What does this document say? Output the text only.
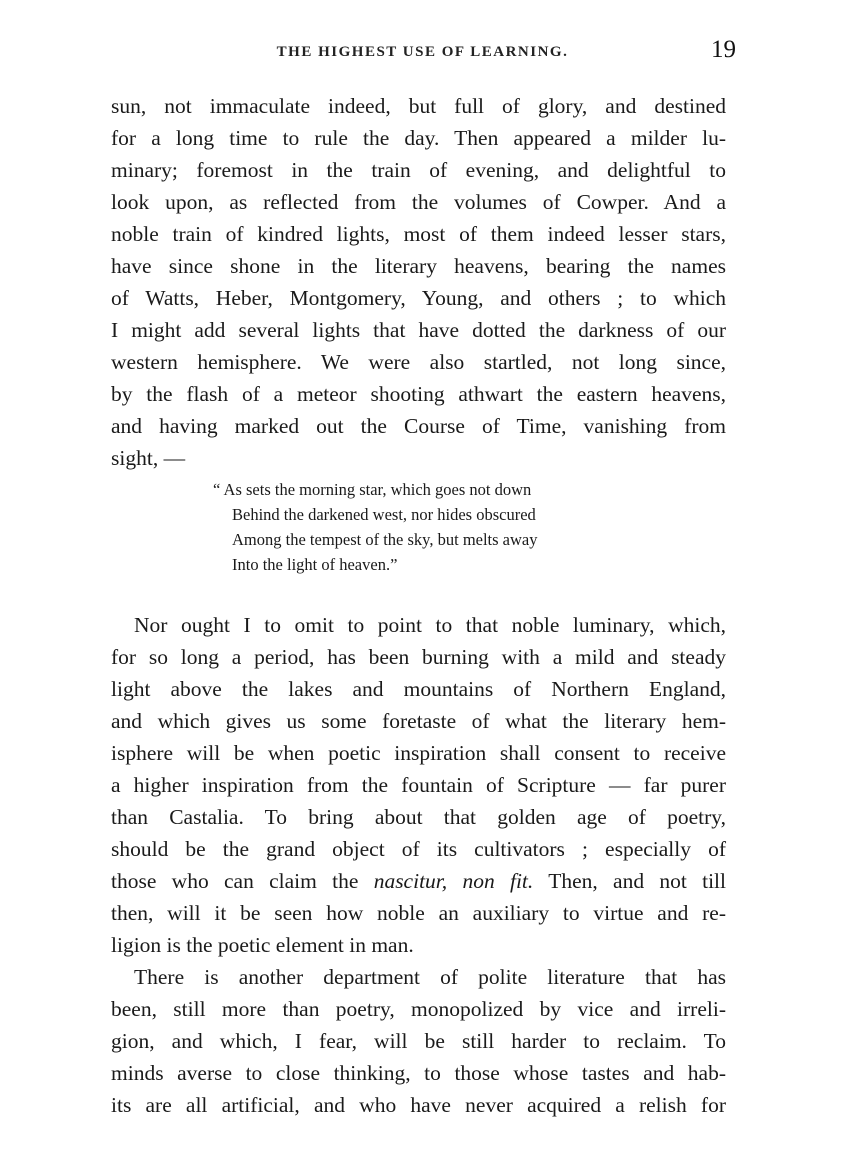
THE HIGHEST USE OF LEARNING.	19
sun, not immaculate indeed, but full of glory, and destined
for a long time to rule the day. Then appeared a milder lu-
minary; foremost in the train of evening, and delightful to
look upon, as reflected from the volumes of Cowper. And a
noble train of kindred lights, most of them indeed lesser stars,
have since shone in the literary heavens, bearing the names
of Watts, Heber, Montgomery, Young, and others ; to which
I might add several lights that have dotted the darkness of our
western hemisphere. We were also startled, not long since,
by the flash of a meteor shooting athwart the eastern heavens,
and having marked out the Course of Time, vanishing from
sight, —
“ As sets the morning star, which goes not down
Behind the darkened west, nor hides obscured
Among the tempest of the sky, but melts away
Into the light of heaven.”
Nor ought I to omit to point to that noble luminary, which,
for so long a period, has been burning with a mild and steady
light above the lakes and mountains of Northern England,
and which gives us some foretaste of what the literary hem-
isphere will be when poetic inspiration shall consent to receive
a higher inspiration from the fountain of Scripture — far purer
than Castalia. To bring about that golden age of poetry,
should be the grand object of its cultivators ; especially of
those who can claim the nascitur, non fit. Then, and not till
then, will it be seen how noble an auxiliary to virtue and re-
ligion is the poetic element in man.
There is another department of polite literature that has
been, still more than poetry, monopolized by vice and irreli-
gion, and which, I fear, will be still harder to reclaim. To
minds averse to close thinking, to those whose tastes and hab-
its are all artificial, and who have never acquired a relish for
